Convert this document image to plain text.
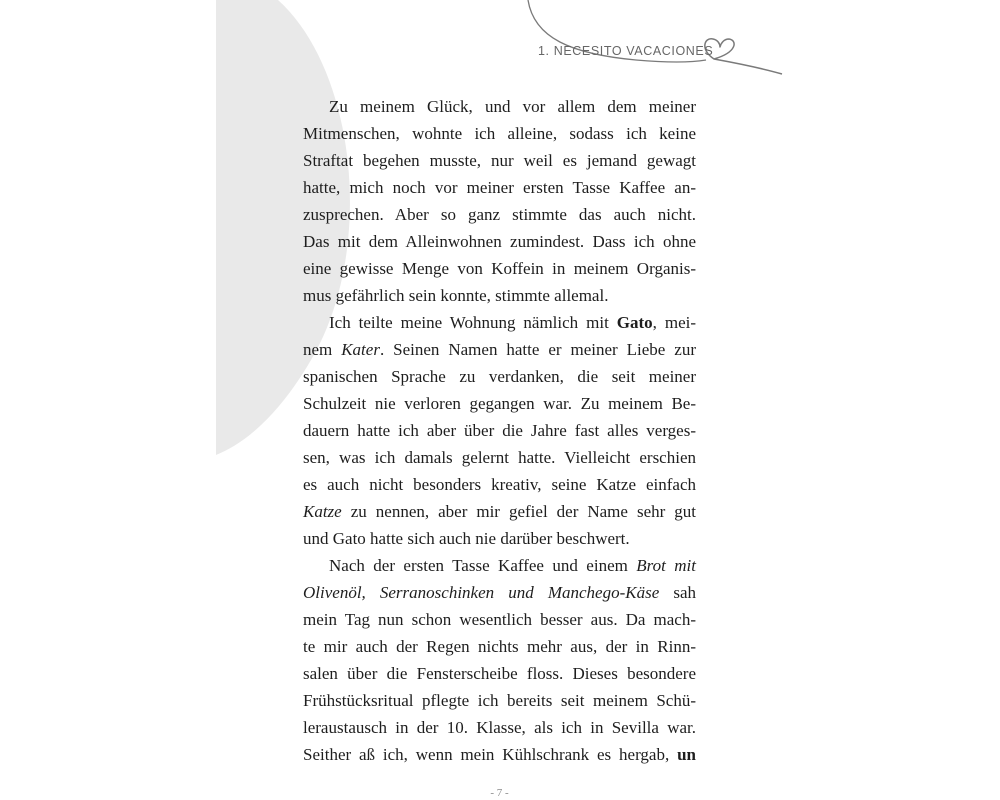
1. NECESITO VACACIONES
Zu meinem Glück, und vor allem dem meiner
Mitmenschen, wohnte ich alleine, sodass ich keine
Straftat begehen musste, nur weil es jemand gewagt
hatte, mich noch vor meiner ersten Tasse Kaffee an-
zusprechen. Aber so ganz stimmte das auch nicht.
Das mit dem Alleinwohnen zumindest. Dass ich ohne
eine gewisse Menge von Koffein in meinem Organis-
mus gefährlich sein konnte, stimmte allemal.
Ich teilte meine Wohnung nämlich mit Gato, mei-
nem Kater. Seinen Namen hatte er meiner Liebe zur
spanischen Sprache zu verdanken, die seit meiner
Schulzeit nie verloren gegangen war. Zu meinem Be-
dauern hatte ich aber über die Jahre fast alles verges-
sen, was ich damals gelernt hatte. Vielleicht erschien
es auch nicht besonders kreativ, seine Katze einfach
Katze zu nennen, aber mir gefiel der Name sehr gut
und Gato hatte sich auch nie darüber beschwert.
Nach der ersten Tasse Kaffee und einem Brot mit
Olivenöl, Serranoschinken und Manchego-Käse sah
mein Tag nun schon wesentlich besser aus. Da mach-
te mir auch der Regen nichts mehr aus, der in Rinn-
salen über die Fensterscheibe floss. Dieses besondere
Frühstücksritual pflegte ich bereits seit meinem Schü-
leraustausch in der 10. Klasse, als ich in Sevilla war.
Seither aß ich, wenn mein Kühlschrank es hergab, un
- 7 -
